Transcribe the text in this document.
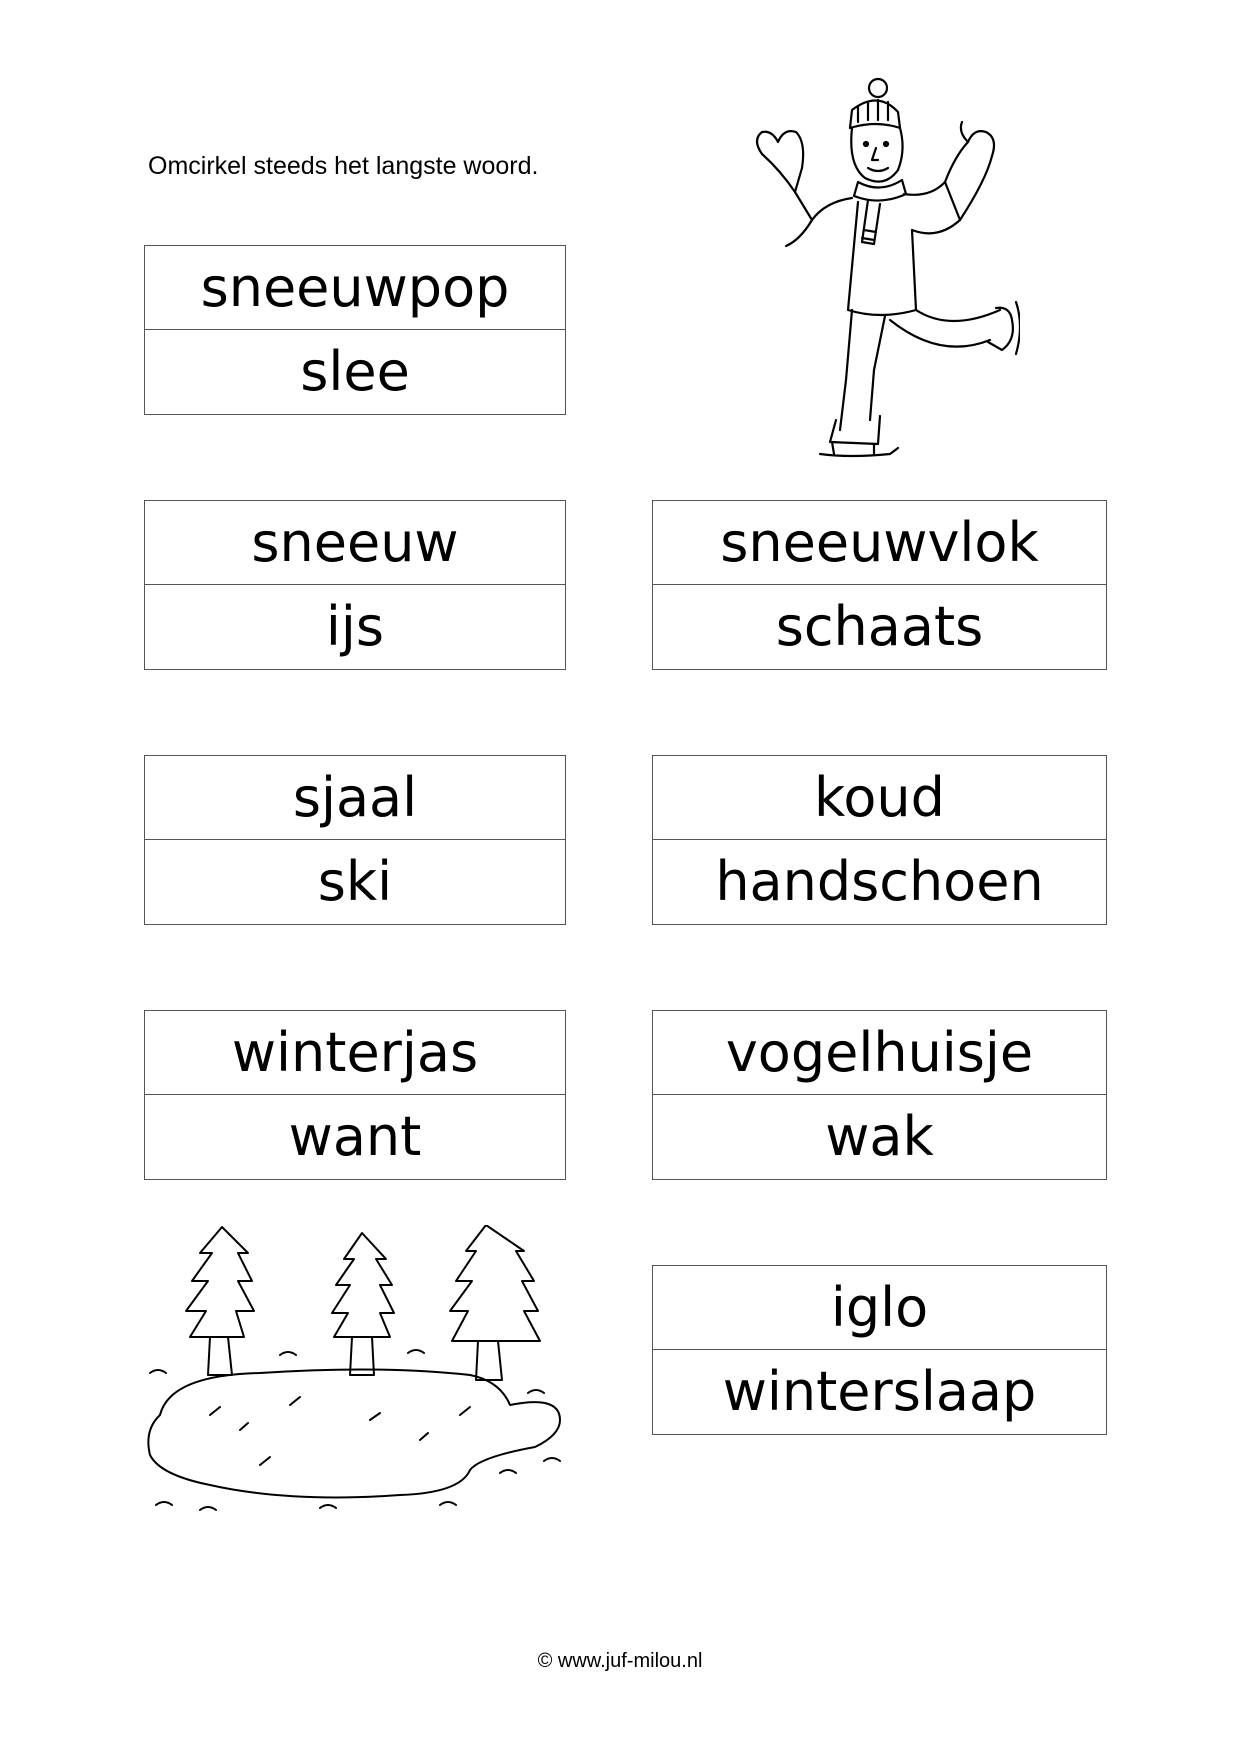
Omcirkel steeds het langste woord.
sneeuwpop
slee
sneeuw
ijs
sneeuwvlok
schaats
sjaal
ski
koud
handschoen
winterjas
want
vogelhuisje
wak
iglo
winterslaap
© www.juf-milou.nl
